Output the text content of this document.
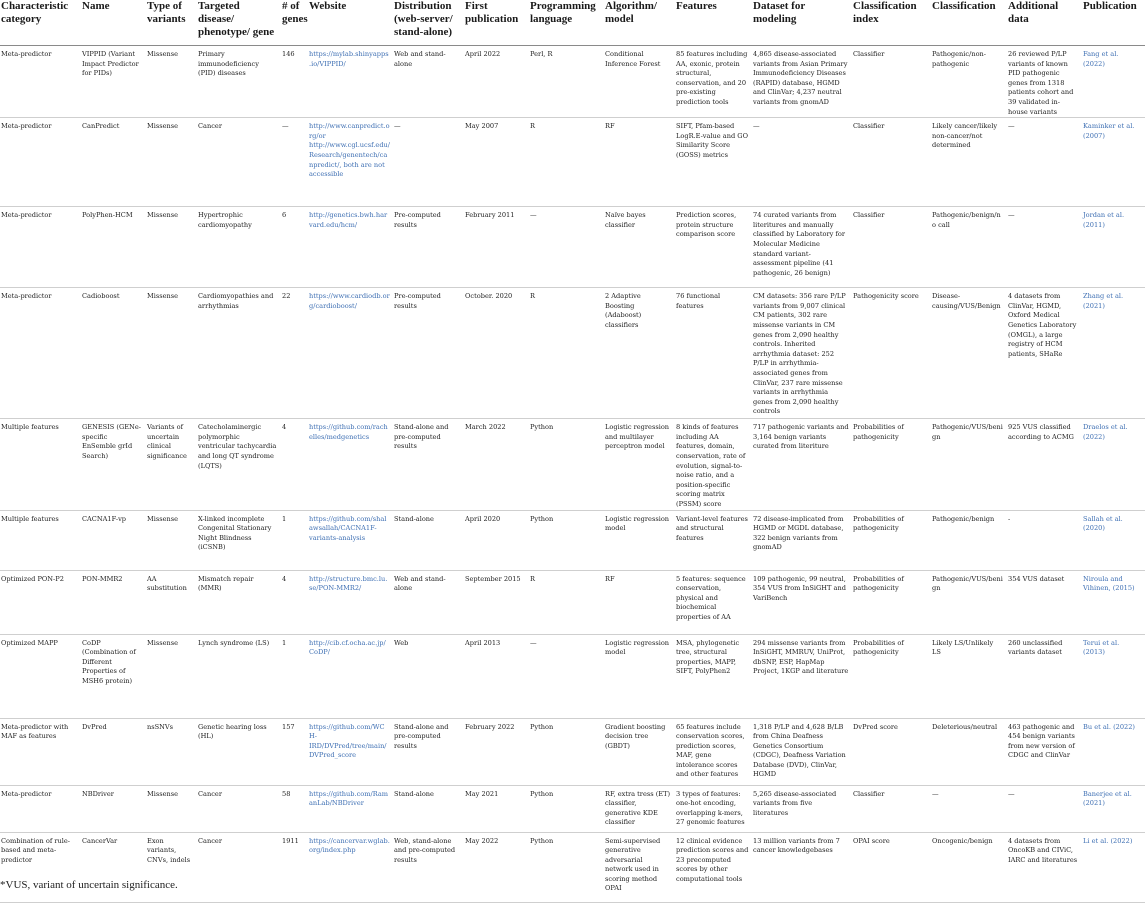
Characteristic category	Name	Type of variants	Targeted disease/ phenotype/ gene	# of genes	Website	Distribution (web-server/ stand-alone)	First publication	Programming language	Algorithm/ model	Features	Dataset for modeling	Classification index	Classification	Additional data	Publication
Meta-predictor	VIPPID (Variant Impact Predictor for PIDs)	Missense	Primary immunodeficiency (PID) diseases	146	https://mylab.shinyapps.io/VIPPID/	Web and stand-alone	April 2022	Perl, R	Conditional Inference Forest	85 features including AA, exonic, protein structural, conservation, and 20 pre-existing prediction tools	4,865 disease-associated variants from Asian Primary Immunodeficiency Diseases (RAPID) database, HGMD and ClinVar; 4,237 neutral variants from gnomAD	Classifier	Pathogenic/non-pathogenic	26 reviewed P/LP variants of known PID pathogenic genes from 1318 patients cohort and 39 validated in-house variants	Fang et al. (2022)
Meta-predictor	CanPredict	Missense	Cancer	—	http://www.canpredict.org/or http://www.cgl.ucsf.edu/Research/genentech/canpredict/, both are not accessible	—	May 2007	R	RF	SIFT, Pfam-based LogR.E-value and GO Similarity Score (GOSS) metrics	—	Classifier	Likely cancer/likely non-cancer/not determined	—	Kaminker et al. (2007)
Meta-predictor	PolyPhen-HCM	Missense	Hypertrophic cardiomyopathy	6	http://genetics.bwh.harvard.edu/hcm/	Pre-computed results	February 2011	—	Naïve bayes classifier	Prediction scores, protein structure comparison score	74 curated variants from literitures and manually classified by Laboratory for Molecular Medicine standard variant-assessment pipeline (41 pathogenic, 26 benign)	Classifier	Pathogenic/benign/no call	—	Jordan et al. (2011)
Meta-predictor	Cadioboost	Missense	Cardiomyopathies and arrhythmias	22	https://www.cardiodb.org/cardioboost/	Pre-computed results	October. 2020	R	2 Adaptive Boosting (Adaboost) classifiers	76 functional features	CM datasets: 356 rare P/LP variants from 9,007 clinical CM patients, 302 rare missense variants in CM genes from 2,090 healthy controls. Inherited arrhythmia dataset: 252 P/LP in arrhythmia-associated genes from ClinVar, 237 rare missense variants in arrhythmia genes from 2,090 healthy controls	Pathogenicity score	Disease-causing/VUS/Benign	4 datasets from ClinVar, HGMD, Oxford Medical Genetics Laboratory (OMGL), a large registry of HCM patients, SHaRe	Zhang et al. (2021)
Multiple features	GENESIS (GENe-specific EnSemble grId Search)	Variants of uncertain clinical significance	Catecholaminergic polymorphic ventricular tachycardia and long QT syndrome (LQTS)	4	https://github.com/rachelles/medgenetics	Stand-alone and pre-computed results	March 2022	Python	Logistic regression and multilayer perceptron model	8 kinds of features including AA features, domain, conservation, rate of evolution, signal-to-noise ratio, and a position-specific scoring matrix (PSSM) score	717 pathogenic variants and 3,164 benign variants curated from literiture	Probabilities of pathogenicity	Pathogenic/VUS/benign	925 VUS classified according to ACMG	Draelos et al. (2022)
Multiple features	CACNA1F-vp	Missense	X-linked incomplete Congenital Stationary Night Blindness (iCSNB)	1	https://github.com/shalawsallah/CACNA1F-variants-analysis	Stand-alone	April 2020	Python	Logistic regression model	Variant-level features and structural features	72 disease-implicated from HGMD or MGDL database, 322 benign variants from gnomAD	Probabilities of pathogenicity	Pathogenic/benign	-	Sallah et al. (2020)
Optimized PON-P2	PON-MMR2	AA substitution	Mismatch repair (MMR)	4	http://structure.bmc.lu.se/PON-MMR2/	Web and stand-alone	September 2015	R	RF	5 features: sequence conservation, physical and biochemical properties of AA	109 pathogenic, 99 neutral, 354 VUS from InSiGHT and VariBench	Probabilities of pathogenicity	Pathogenic/VUS/benign	354 VUS dataset	Niroula and Vihinen, (2015)
Optimized MAPP	CoDP (Combination of Different Properties of MSH6 protein)	Missense	Lynch syndrome (LS)	1	http://cib.cf.ocha.ac.jp/CoDP/	Web	April 2013	—	Logistic regression model	MSA, phylogenetic tree, structural properties, MAPP, SIFT, PolyPhen2	294 missense variants from InSiGHT, MMRUV, UniProt, dbSNP, ESP, HapMap Project, 1KGP and literature	Probabilities of pathogenicity	Likely LS/Unlikely LS	260 unclassified variants dataset	Terui et al. (2013)
Meta-predictor with MAF as features	DvPred	nsSNVs	Genetic hearing loss (HL)	157	https://github.com/WCH-IRD/DVPred/tree/main/DVPred_score	Stand-alone and pre-computed results	February 2022	Python	Gradient boosting decision tree (GBDT)	65 features include conservation scores, prediction scores, MAF, gene intolerance scores and other features	1,318 P/LP and 4,628 B/LB from China Deafness Genetics Consortium (CDGC), Deafness Variation Database (DVD), ClinVar, HGMD	DvPred score	Deleterious/neutral	463 pathogenic and 454 benign variants from new version of CDGC and ClinVar	Bu et al. (2022)
Meta-predictor	NBDriver	Missense	Cancer	58	https://github.com/RamanLab/NBDriver	Stand-alone	May 2021	Python	RF, extra tress (ET) classifier, generative KDE classifier	3 types of features: one-hot encoding, overlapping k-mers, 27 genomic features	5,265 disease-associated variants from five literatures	Classifier	—	—	Banerjee et al. (2021)
Combination of rule-based and meta-predictor	CancerVar	Exon variants, CNVs, indels	Cancer	1911	https://cancervar.wglab.org/index.php	Web, stand-alone and pre-computed results	May 2022	Python	Semi-supervised generative adversarial network used in scoring method OPAI	12 clinical evidence prediction scores and 23 precomputed scores by other computational tools	13 million variants from 7 cancer knowledgebases	OPAI score	Oncogenic/benign	4 datasets from OncoKB and CIViC, IARC and literatures	Li et al. (2022)

*VUS, variant of uncertain significance.
